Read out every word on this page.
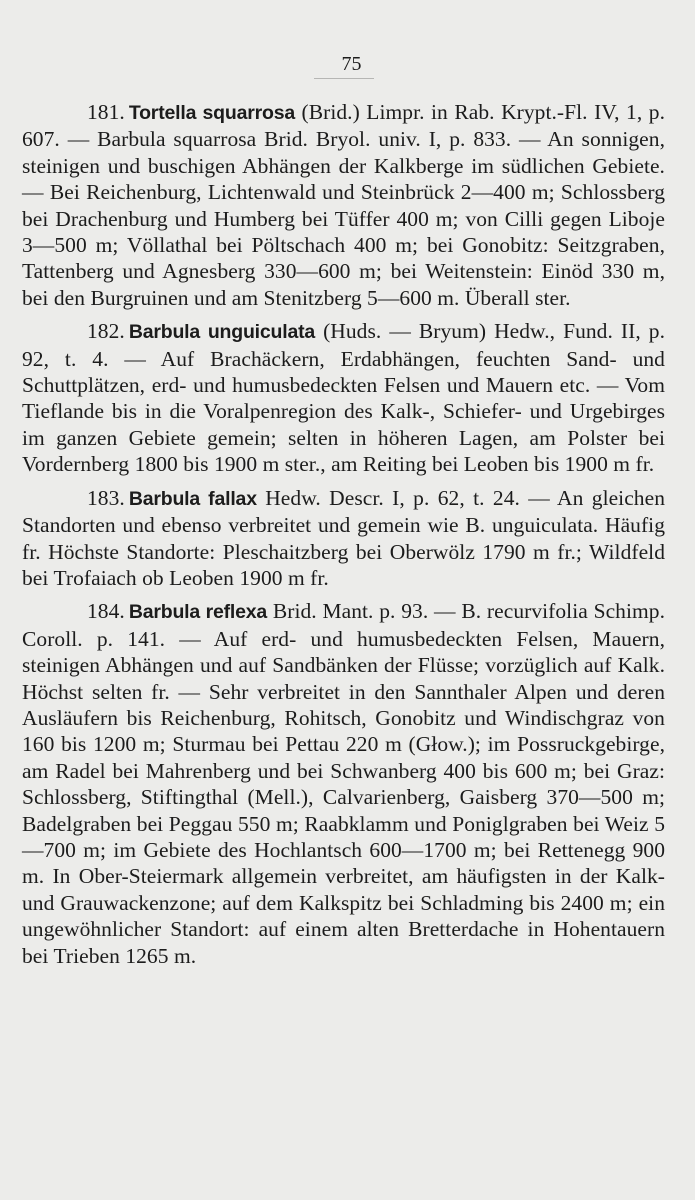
75

181. Tortella squarrosa (Brid.) Limpr. in Rab. Krypt.-Fl. IV, 1, p. 607. — Barbula squarrosa Brid. Bryol. univ. I, p. 833. — An sonnigen, steinigen und buschigen Abhängen der Kalkberge im südlichen Gebiete. — Bei Reichenburg, Lichtenwald und Steinbrück 2—400 m; Schlossberg bei Drachenburg und Humberg bei Tüffer 400 m; von Cilli gegen Liboje 3—500 m; Völlathal bei Pöltschach 400 m; bei Gonobitz: Seitzgraben, Tattenberg und Agnesberg 330—600 m; bei Weitenstein: Einöd 330 m, bei den Burgruinen und am Stenitzberg 5—600 m. Überall ster.

182. Barbula unguiculata (Huds. — Bryum) Hedw., Fund. II, p. 92, t. 4. — Auf Brachäckern, Erdabhängen, feuchten Sand- und Schuttplätzen, erd- und humusbedeckten Felsen und Mauern etc. — Vom Tieflande bis in die Voralpenregion des Kalk-, Schiefer- und Urgebirges im ganzen Gebiete gemein; selten in höheren Lagen, am Polster bei Vordernberg 1800 bis 1900 m ster., am Reiting bei Leoben bis 1900 m fr.

183. Barbula fallax Hedw. Descr. I, p. 62, t. 24. — An gleichen Standorten und ebenso verbreitet und gemein wie B. unguiculata. Häufig fr. Höchste Standorte: Pleschaitzberg bei Oberwölz 1790 m fr.; Wildfeld bei Trofaiach ob Leoben 1900 m fr.

184. Barbula reflexa Brid. Mant. p. 93. — B. recurvifolia Schimp. Coroll. p. 141. — Auf erd- und humusbedeckten Felsen, Mauern, steinigen Abhängen und auf Sandbänken der Flüsse; vorzüglich auf Kalk. Höchst selten fr. — Sehr verbreitet in den Sannthaler Alpen und deren Ausläufern bis Reichenburg, Rohitsch, Gonobitz und Windischgraz von 160 bis 1200 m; Sturmau bei Pettau 220 m (Głow.); im Possruckgebirge, am Radel bei Mahrenberg und bei Schwanberg 400 bis 600 m; bei Graz: Schlossberg, Stiftingthal (Mell.), Calvarienberg, Gaisberg 370—500 m; Badelgraben bei Peggau 550 m; Raabklamm und Poniglgraben bei Weiz 5—700 m; im Gebiete des Hochlantsch 600—1700 m; bei Rettenegg 900 m. In Ober-Steiermark allgemein verbreitet, am häufigsten in der Kalk- und Grauwackenzone; auf dem Kalkspitz bei Schladming bis 2400 m; ein ungewöhnlicher Standort: auf einem alten Bretterdache in Hohentauern bei Trieben 1265 m.
